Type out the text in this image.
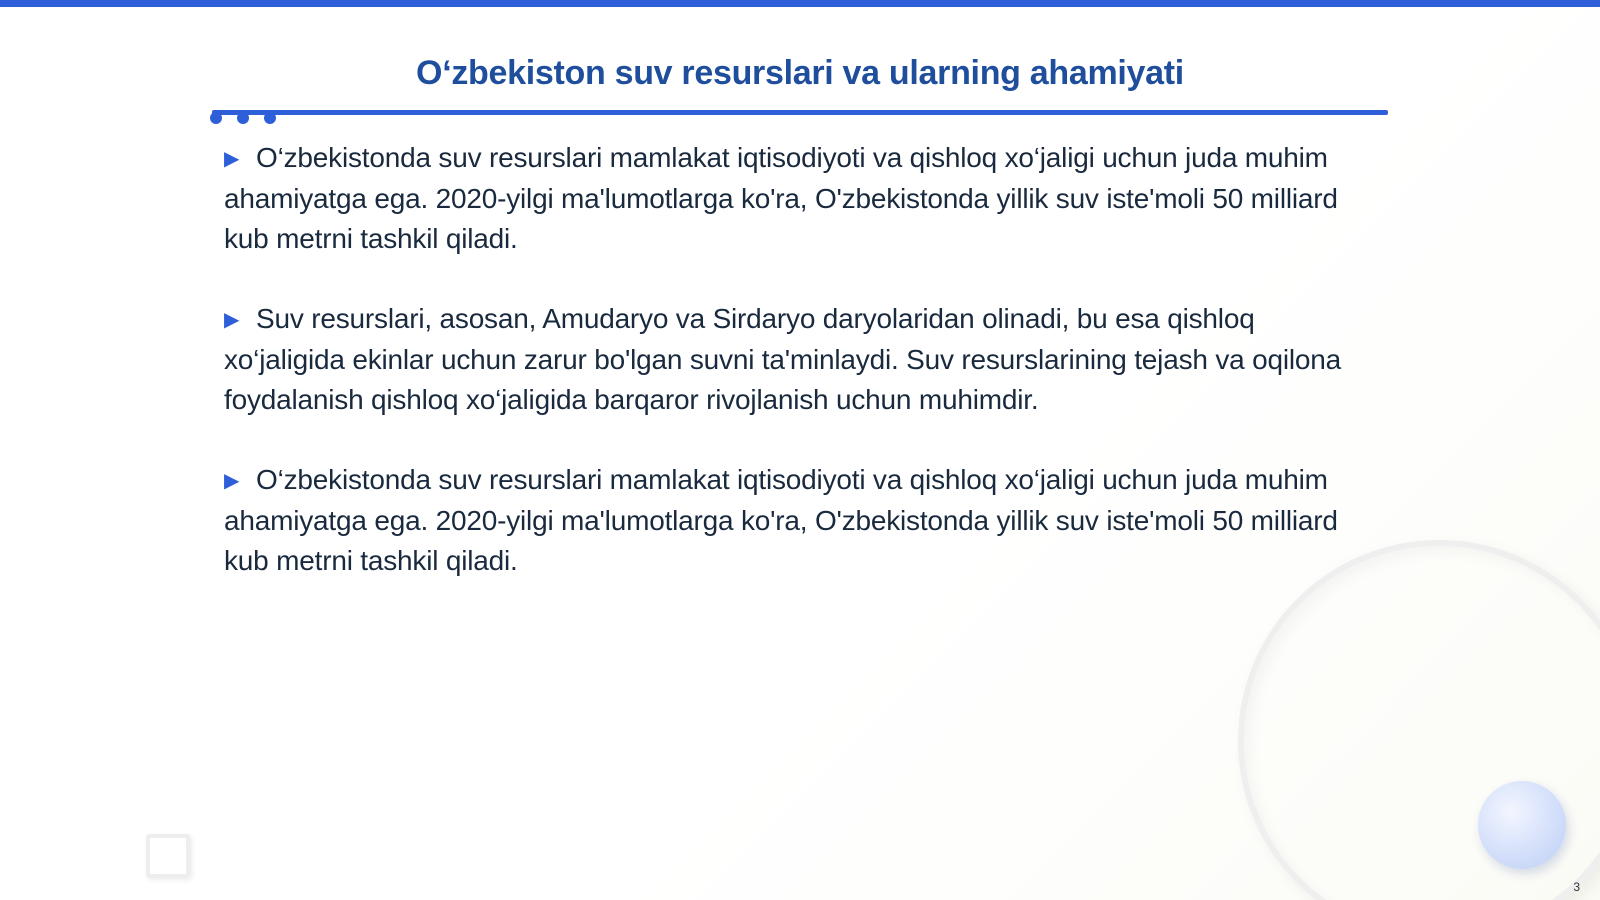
O‘zbekiston suv resurslari va ularning ahamiyati
▶ O‘zbekistonda suv resurslari mamlakat iqtisodiyoti va qishloq xo‘jaligi uchun juda muhim ahamiyatga ega. 2020-yilgi ma'lumotlarga ko'ra, O'zbekistonda yillik suv iste'moli 50 milliard kub metrni tashkil qiladi.
▶ Suv resurslari, asosan, Amudaryo va Sirdaryo daryolaridan olinadi, bu esa qishloq xo‘jaligida ekinlar uchun zarur bo'lgan suvni ta'minlaydi. Suv resurslarining tejash va oqilona foydalanish qishloq xo‘jaligida barqaror rivojlanish uchun muhimdir.
▶ O‘zbekistonda suv resurslari mamlakat iqtisodiyoti va qishloq xo‘jaligi uchun juda muhim ahamiyatga ega. 2020-yilgi ma'lumotlarga ko'ra, O'zbekistonda yillik suv iste'moli 50 milliard kub metrni tashkil qiladi.
3
